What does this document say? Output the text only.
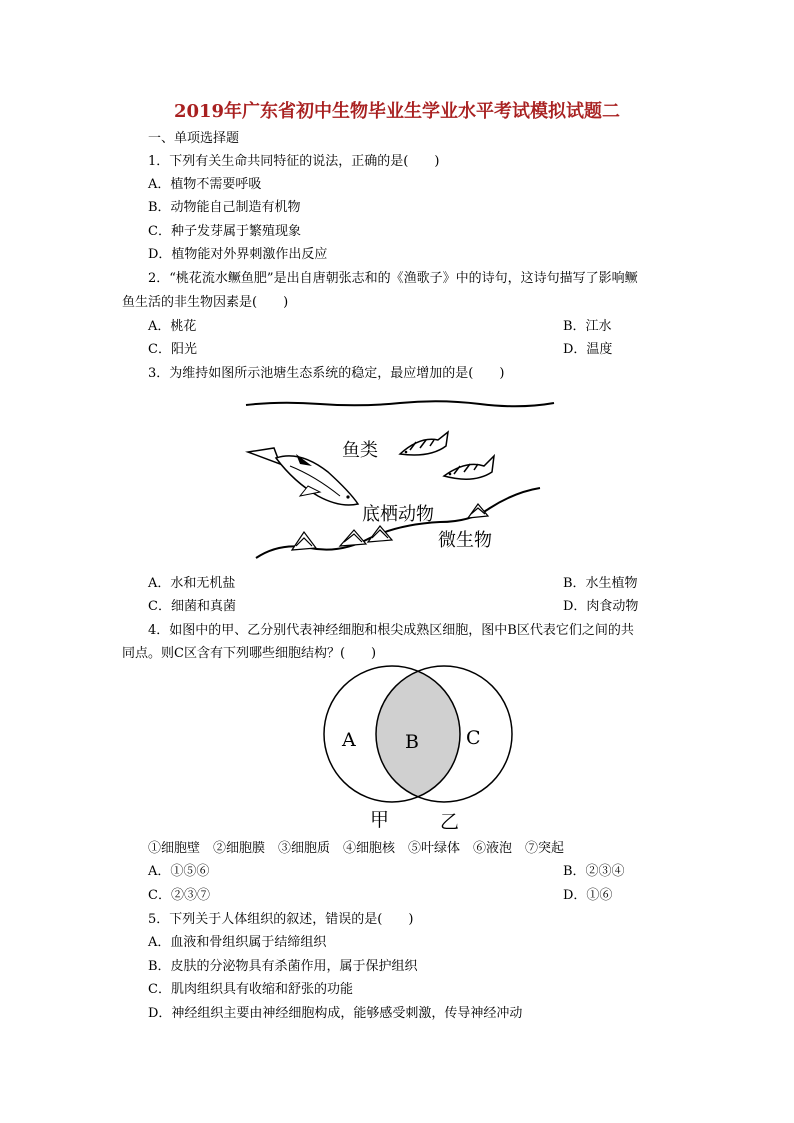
2019年广东省初中生物毕业生学业水平考试模拟试题二
一、单项选择题
1．下列有关生命共同特征的说法，正确的是(　　)
A．植物不需要呼吸
B．动物能自己制造有机物
C．种子发芽属于繁殖现象
D．植物能对外界刺激作出反应
2．“桃花流水鳜鱼肥”是出自唐朝张志和的《渔歌子》中的诗句，这诗句描写了影响鳜
鱼生活的非生物因素是(　　)
A．桃花	B．江水
C．阳光	D．温度
3．为维持如图所示池塘生态系统的稳定，最应增加的是(　　)
鱼类
底栖动物
微生物
A．水和无机盐	B．水生植物
C．细菌和真菌	D．肉食动物
4．如图中的甲、乙分别代表神经细胞和根尖成熟区细胞，图中B区代表它们之间的共
同点。则C区含有下列哪些细胞结构？(　　)
A	B C
甲	乙
①细胞壁　②细胞膜　③细胞质　④细胞核　⑤叶绿体　⑥液泡　⑦突起
A．①⑤⑥	B．②③④
C．②③⑦	D．①⑥
5．下列关于人体组织的叙述，错误的是(　　)
A．血液和骨组织属于结缔组织
B．皮肤的分泌物具有杀菌作用，属于保护组织
C．肌肉组织具有收缩和舒张的功能
D．神经组织主要由神经细胞构成，能够感受刺激，传导神经冲动
